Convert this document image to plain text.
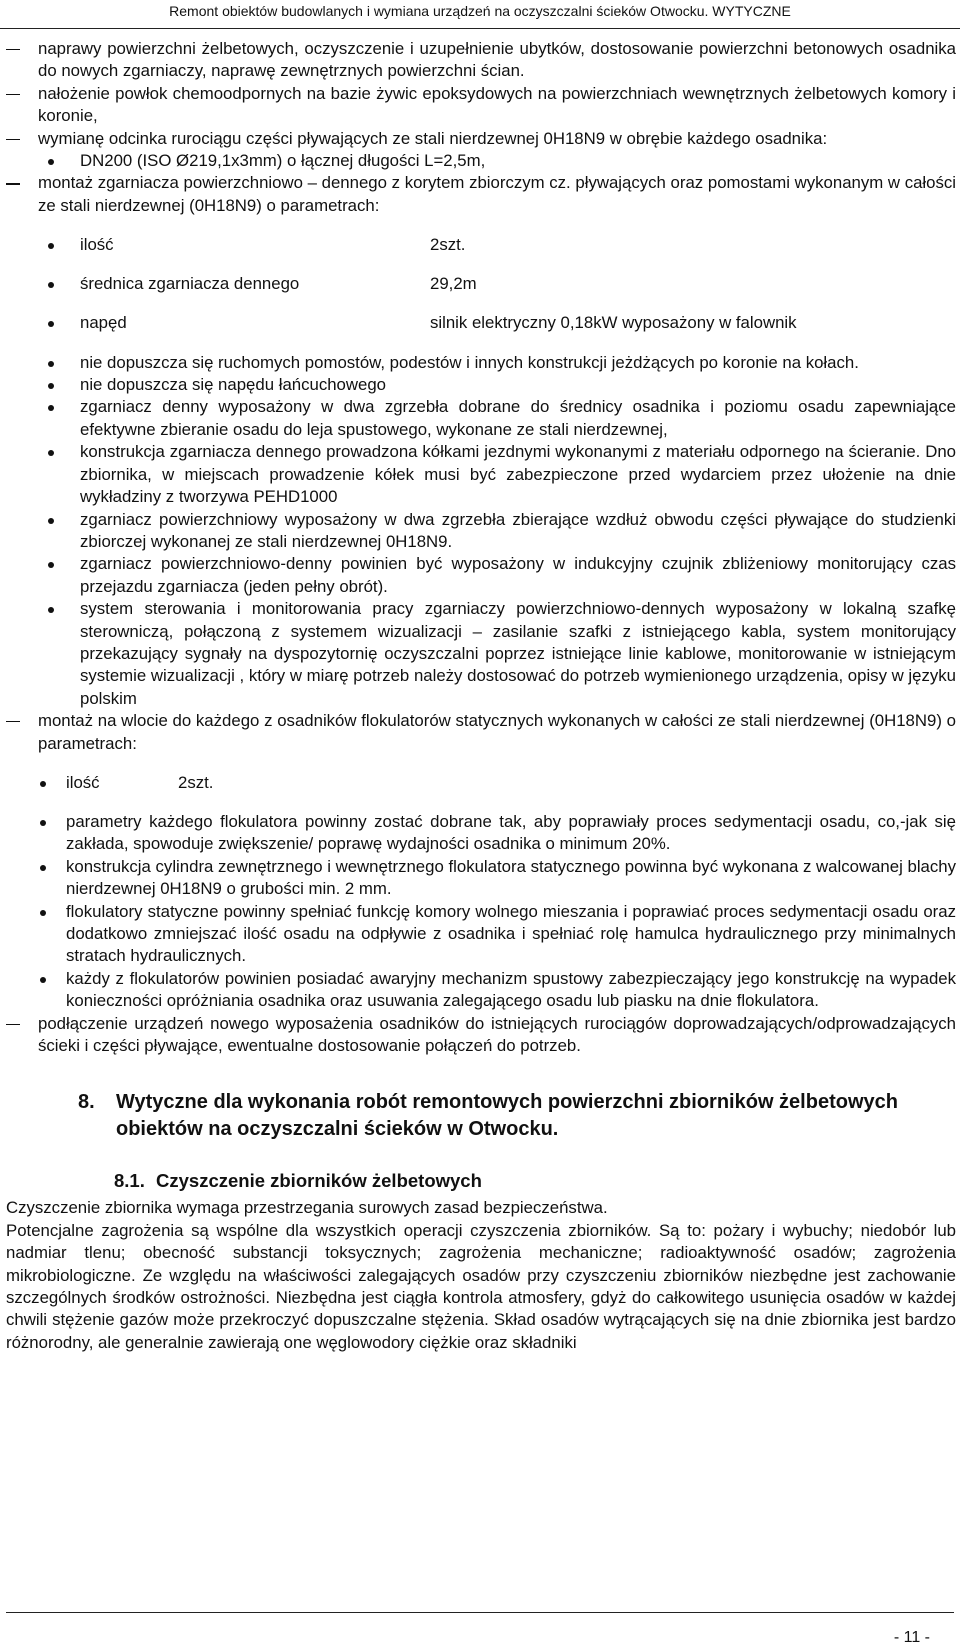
Remont obiektów budowlanych i wymiana urządzeń na oczyszczalni ścieków Otwocku. WYTYCZNE

naprawy powierzchni żelbetowych, oczyszczenie i uzupełnienie ubytków, dostosowanie powierzchni betonowych osadnika do nowych zgarniaczy, naprawę zewnętrznych powierzchni ścian.

nałożenie powłok chemoodpornych na bazie żywic epoksydowych na powierzchniach wewnętrznych żelbetowych komory i koronie,

wymianę odcinka rurociągu części pływających ze stali nierdzewnej 0H18N9 w obrębie każdego osadnika:

DN200 (ISO Ø219,1x3mm) o łącznej długości L=2,5m,

montaż zgarniacza powierzchniowo – dennego z korytem zbiorczym cz. pływających oraz pomostami wykonanym w całości ze stali nierdzewnej (0H18N9) o parametrach:

ilość	2szt.

średnica zgarniacza dennego	29,2m

napęd	silnik elektryczny 0,18kW wyposażony w falownik

nie dopuszcza się ruchomych pomostów, podestów i innych konstrukcji jeżdżących po koronie na kołach.

nie dopuszcza się napędu łańcuchowego

zgarniacz denny wyposażony w dwa zgrzebła dobrane do średnicy osadnika i poziomu osadu zapewniające efektywne zbieranie osadu do leja spustowego, wykonane ze stali nierdzewnej,

konstrukcja zgarniacza dennego prowadzona kółkami jezdnymi wykonanymi z materiału odpornego na ścieranie. Dno zbiornika, w miejscach prowadzenie kółek musi być zabezpieczone przed wydarciem przez ułożenie na dnie wykładziny z tworzywa PEHD1000

zgarniacz powierzchniowy wyposażony w dwa zgrzebła zbierające wzdłuż obwodu części pływające do studzienki zbiorczej wykonanej ze stali nierdzewnej 0H18N9.

zgarniacz powierzchniowo-denny powinien być wyposażony w indukcyjny czujnik zbliżeniowy monitorujący czas przejazdu zgarniacza (jeden pełny obrót).

system sterowania i monitorowania pracy zgarniaczy powierzchniowo-dennych wyposażony w lokalną szafkę sterowniczą, połączoną z systemem wizualizacji – zasilanie szafki z istniejącego kabla, system monitorujący przekazujący sygnały na dyspozytornię oczyszczalni poprzez istniejące linie kablowe, monitorowanie w istniejącym systemie wizualizacji , który w miarę potrzeb należy dostosować do potrzeb wymienionego urządzenia, opisy w języku polskim

montaż na wlocie do każdego z osadników flokulatorów statycznych wykonanych w całości ze stali nierdzewnej (0H18N9) o parametrach:

ilość	2szt.

parametry każdego flokulatora powinny zostać dobrane tak, aby poprawiały proces sedymentacji osadu, co,-jak się zakłada, spowoduje zwiększenie/ poprawę wydajności osadnika o minimum 20%.

konstrukcja cylindra zewnętrznego i wewnętrznego flokulatora statycznego powinna być wykonana z walcowanej blachy nierdzewnej 0H18N9 o grubości min. 2 mm.

flokulatory statyczne powinny spełniać funkcję komory wolnego mieszania i poprawiać proces sedymentacji osadu oraz dodatkowo zmniejszać ilość osadu na odpływie z osadnika i spełniać rolę hamulca hydraulicznego przy minimalnych stratach hydraulicznych.

każdy z flokulatorów powinien posiadać awaryjny mechanizm spustowy zabezpieczający jego konstrukcję na wypadek konieczności opróżniania osadnika oraz usuwania zalegającego osadu lub piasku na dnie flokulatora.

podłączenie urządzeń nowego wyposażenia osadników do istniejących rurociągów doprowadzających/odprowadzających ścieki i części pływające, ewentualne dostosowanie połączeń do potrzeb.

8. Wytyczne dla wykonania robót remontowych powierzchni zbiorników żelbetowych obiektów na oczyszczalni ścieków w Otwocku.
8.1. Czyszczenie zbiorników żelbetowych

Czyszczenie zbiornika wymaga przestrzegania surowych zasad bezpieczeństwa.

Potencjalne zagrożenia są wspólne dla wszystkich operacji czyszczenia zbiorników. Są to: pożary i wybuchy; niedobór lub nadmiar tlenu; obecność substancji toksycznych; zagrożenia mechaniczne; radioaktywność osadów; zagrożenia mikrobiologiczne. Ze względu na właściwości zalegających osadów przy czyszczeniu zbiorników niezbędne jest zachowanie szczególnych środków ostrożności. Niezbędna jest ciągła kontrola atmosfery, gdyż do całkowitego usunięcia osadów w każdej chwili stężenie gazów może przekroczyć dopuszczalne stężenia. Skład osadów wytrącających się na dnie zbiornika jest bardzo różnorodny, ale generalnie zawierają one węglowodory ciężkie oraz składniki

- 11 -
